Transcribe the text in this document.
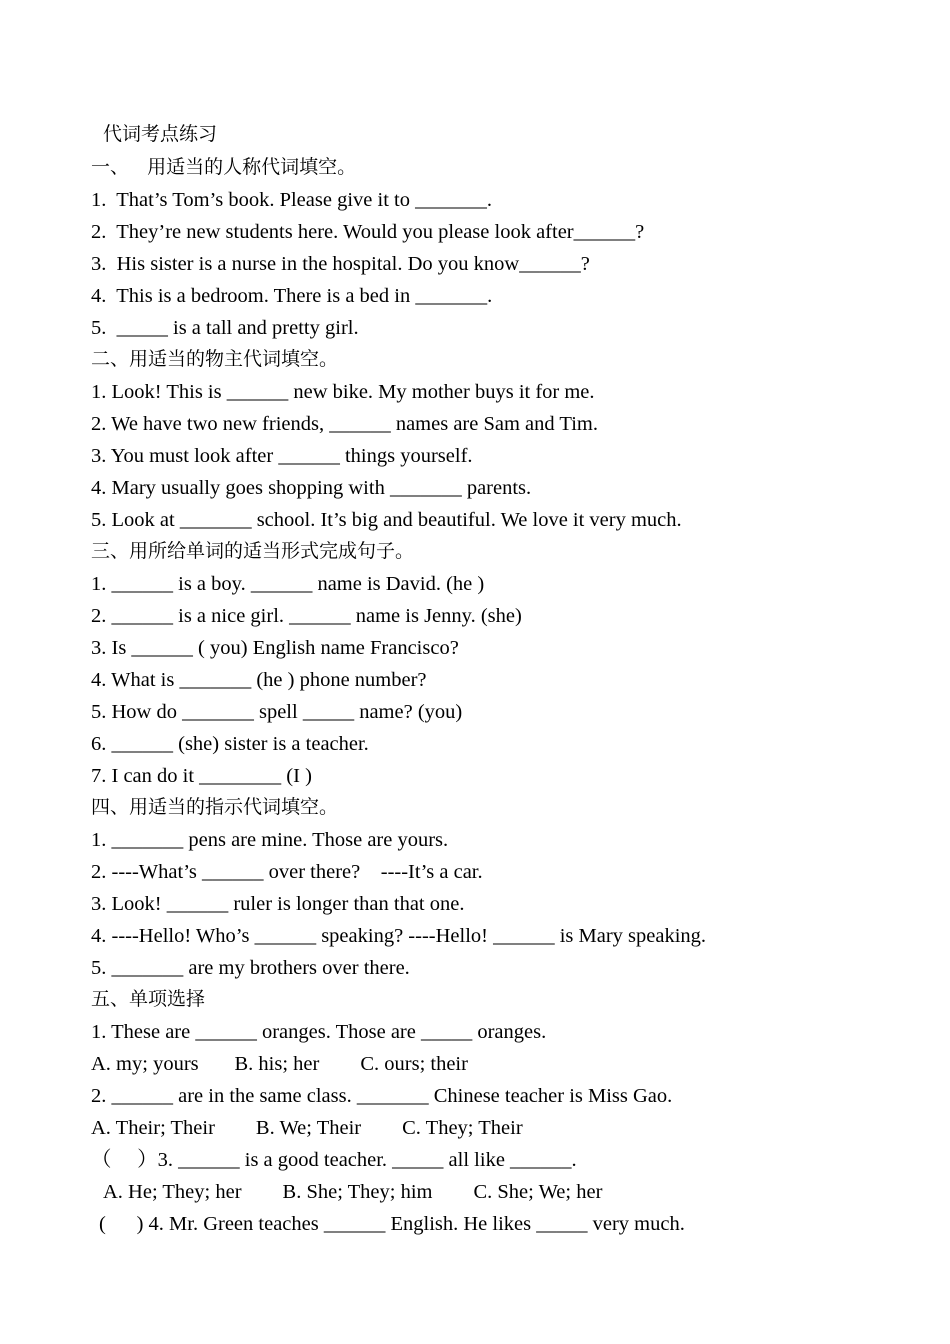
代词考点练习
一、   用适当的人称代词填空。
1.  That’s Tom’s book. Please give it to _______.
2.  They’re new students here. Would you please look after______?
3.  His sister is a nurse in the hospital. Do you know______?
4.  This is a bedroom. There is a bed in _______.
5.  _____ is a tall and pretty girl.
二、用适当的物主代词填空。
1. Look! This is ______ new bike. My mother buys it for me.
2. We have two new friends, ______ names are Sam and Tim.
3. You must look after ______ things yourself.
4. Mary usually goes shopping with _______ parents.
5. Look at _______ school. It’s big and beautiful. We love it very much.
三、用所给单词的适当形式完成句子。
1. ______ is a boy. ______ name is David. (he )
2. ______ is a nice girl. ______ name is Jenny. (she)
3. Is ______ ( you) English name Francisco?
4. What is _______ (he ) phone number?
5. How do _______ spell _____ name? (you)
6. ______ (she) sister is a teacher.
7. I can do it ________ (I )
四、用适当的指示代词填空。
1. _______ pens are mine. Those are yours.
2. ----What’s ______ over there?    ----It’s a car.
3. Look! ______ ruler is longer than that one.
4. ----Hello! Who’s ______ speaking? ----Hello! ______ is Mary speaking.
5. _______ are my brothers over there.
五、单项选择
1. These are ______ oranges. Those are _____ oranges.
A. my; yours       B. his; her        C. ours; their
2. ______ are in the same class. _______ Chinese teacher is Miss Gao.
A. Their; Their        B. We; Their        C. They; Their
（     ）3. ______ is a good teacher. _____ all like ______.
A. He; They; her        B. She; They; him        C. She; We; her
(      ) 4. Mr. Green teaches ______ English. He likes _____ very much.
